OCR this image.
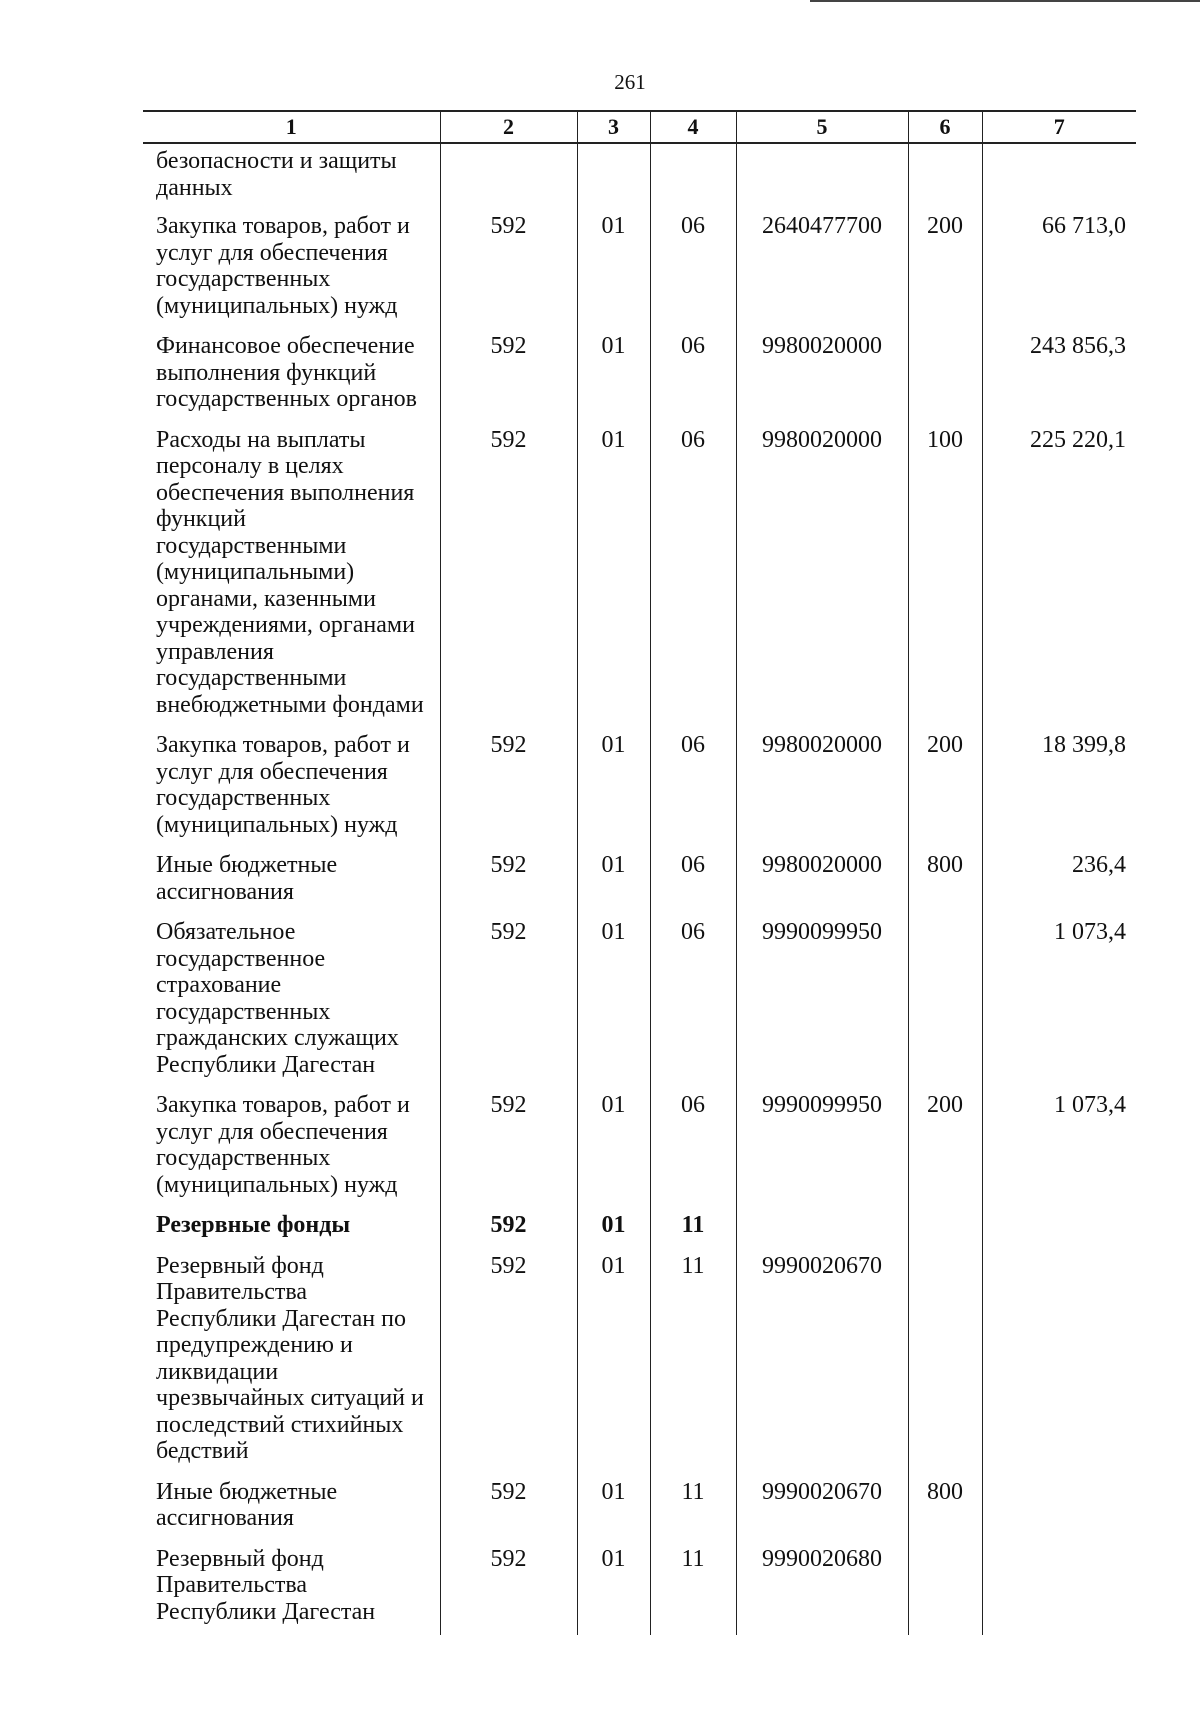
261
1	2	3	4	5	6	7
безопасности и защиты данных						
Закупка товаров, работ и услуг для обеспечения государственных (муниципальных) нужд	592	01	06	2640477700	200	66 713,0
Финансовое обеспечение выполнения функций государственных органов	592	01	06	9980020000		243 856,3
Расходы на выплаты персоналу в целях обеспечения выполнения функций государственными (муниципальными) органами, казенными учреждениями, органами управления государственными внебюджетными фондами	592	01	06	9980020000	100	225 220,1
Закупка товаров, работ и услуг для обеспечения государственных (муниципальных) нужд	592	01	06	9980020000	200	18 399,8
Иные бюджетные ассигнования	592	01	06	9980020000	800	236,4
Обязательное государственное страхование государственных гражданских служащих Республики Дагестан	592	01	06	9990099950		1 073,4
Закупка товаров, работ и услуг для обеспечения государственных (муниципальных) нужд	592	01	06	9990099950	200	1 073,4
Резервные фонды	592	01	11			
Резервный фонд Правительства Республики Дагестан по предупреждению и ликвидации чрезвычайных ситуаций и последствий стихийных бедствий	592	01	11	9990020670		
Иные бюджетные ассигнования	592	01	11	9990020670	800	
Резервный фонд Правительства Республики Дагестан	592	01	11	9990020680		
